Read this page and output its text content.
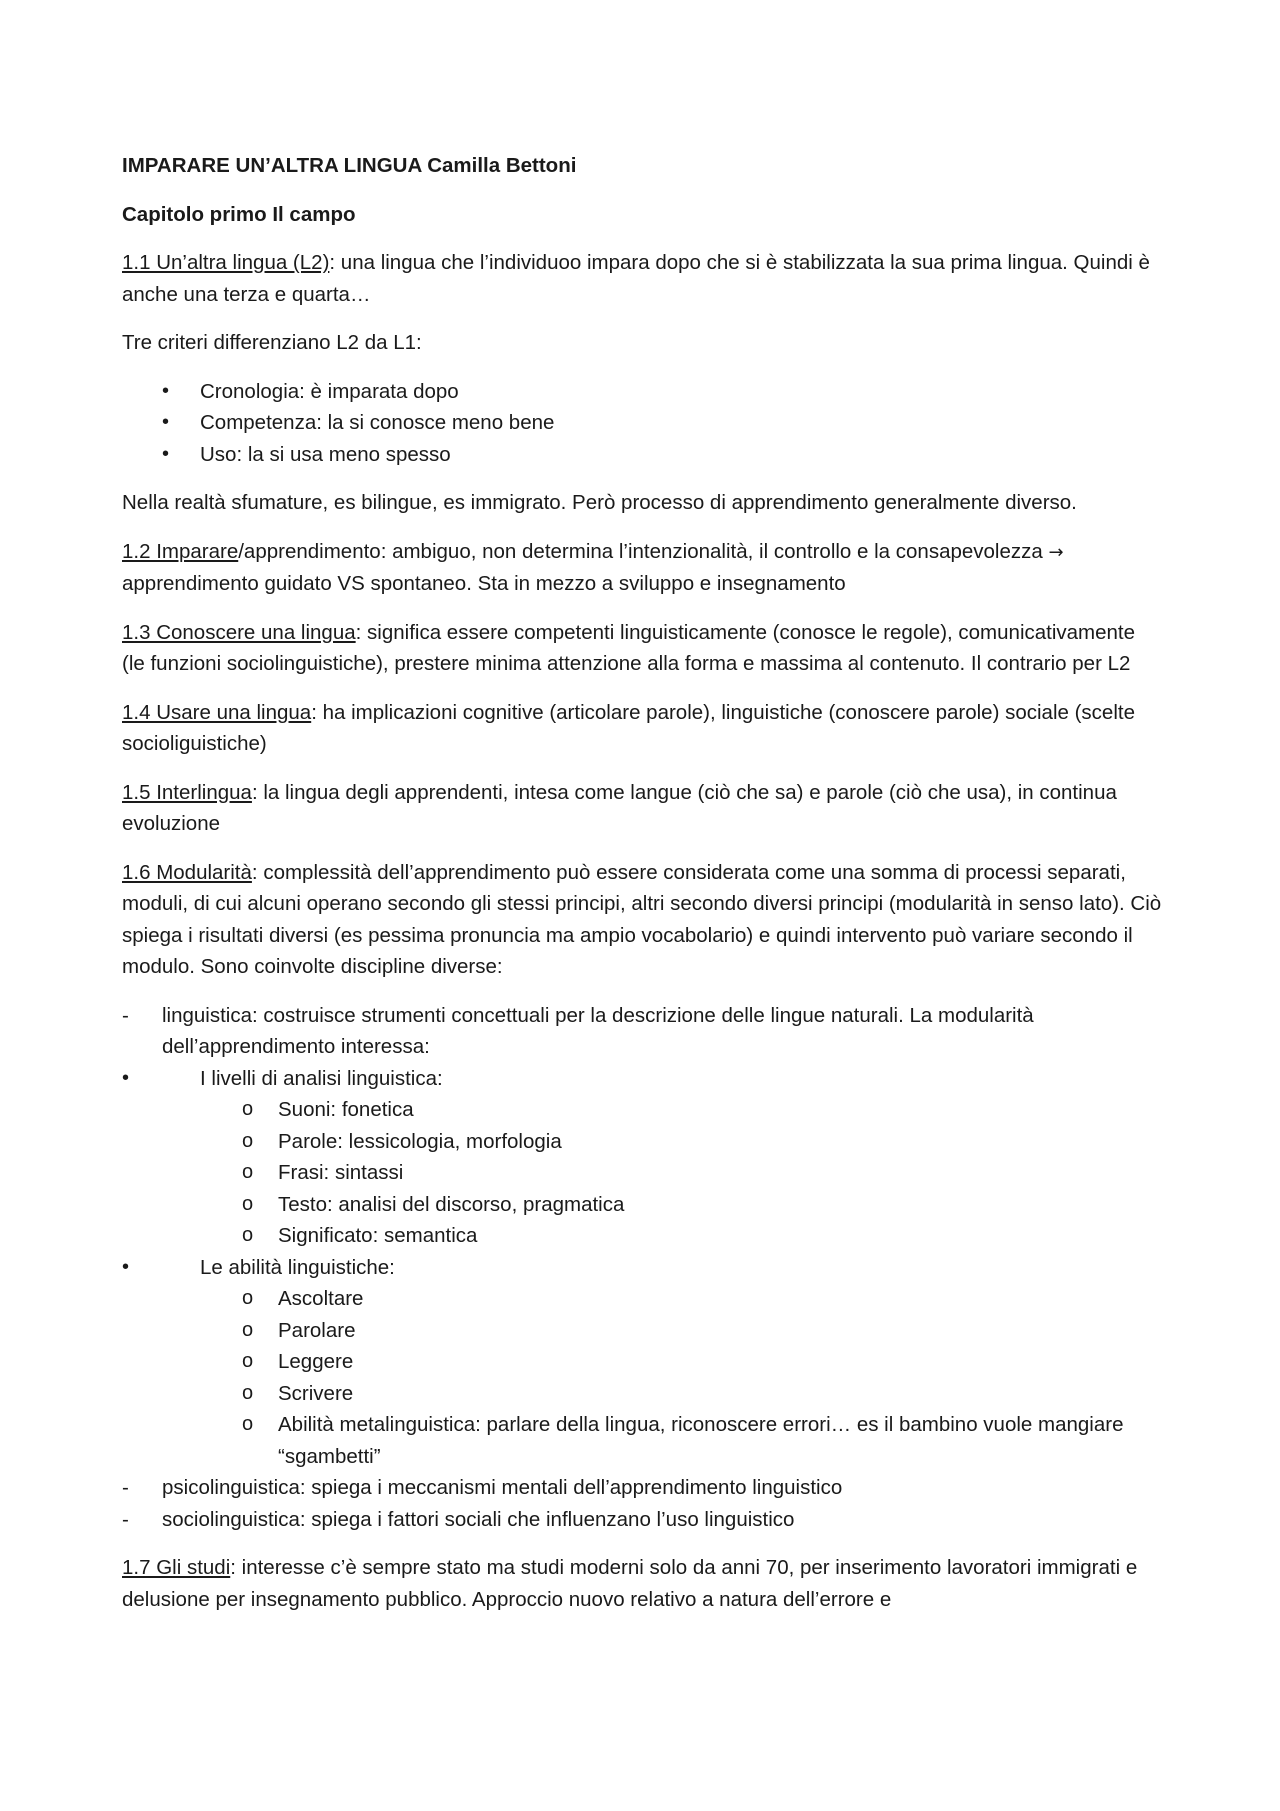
IMPARARE UN’ALTRA LINGUA Camilla Bettoni

Capitolo primo Il campo

1.1 Un’altra lingua (L2): una lingua che l’individuoo impara dopo che si è stabilizzata la sua prima lingua. Quindi è anche una terza e quarta…

Tre criteri differenziano L2 da L1:

• Cronologia: è imparata dopo
• Competenza: la si conosce meno bene
• Uso: la si usa meno spesso

Nella realtà sfumature, es bilingue, es immigrato. Però processo di apprendimento generalmente diverso.

1.2 Imparare/apprendimento: ambiguo, non determina l’intenzionalità, il controllo e la consapevolezza → apprendimento guidato VS spontaneo. Sta in mezzo a sviluppo e insegnamento

1.3 Conoscere una lingua: significa essere competenti linguisticamente (conosce le regole), comunicativamente (le funzioni sociolinguistiche), prestere minima attenzione alla forma e massima al contenuto. Il contrario per L2

1.4 Usare una lingua: ha implicazioni cognitive (articolare parole), linguistiche (conoscere parole) sociale (scelte socioliguistiche)

1.5 Interlingua: la lingua degli apprendenti, intesa come langue (ciò che sa) e parole (ciò che usa), in continua evoluzione

1.6 Modularità: complessità dell’apprendimento può essere considerata come una somma di processi separati, moduli, di cui alcuni operano secondo gli stessi principi, altri secondo diversi principi (modularità in senso lato). Ciò spiega i risultati diversi (es pessima pronuncia ma ampio vocabolario) e quindi intervento può variare secondo il modulo. Sono coinvolte discipline diverse:

- linguistica: costruisce strumenti concettuali per la descrizione delle lingue naturali. La modularità dell’apprendimento interessa:
• I livelli di analisi linguistica:
o Suoni: fonetica
o Parole: lessicologia, morfologia
o Frasi: sintassi
o Testo: analisi del discorso, pragmatica
o Significato: semantica
• Le abilità linguistiche:
o Ascoltare
o Parolare
o Leggere
o Scrivere
o Abilità metalinguistica: parlare della lingua, riconoscere errori… es il bambino vuole mangiare “sgambetti”
- psicolinguistica: spiega i meccanismi mentali dell’apprendimento linguistico
- sociolinguistica: spiega i fattori sociali che influenzano l’uso linguistico

1.7 Gli studi: interesse c’è sempre stato ma studi moderni solo da anni 70, per inserimento lavoratori immigrati e delusione per insegnamento pubblico. Approccio nuovo relativo a natura dell’errore e
